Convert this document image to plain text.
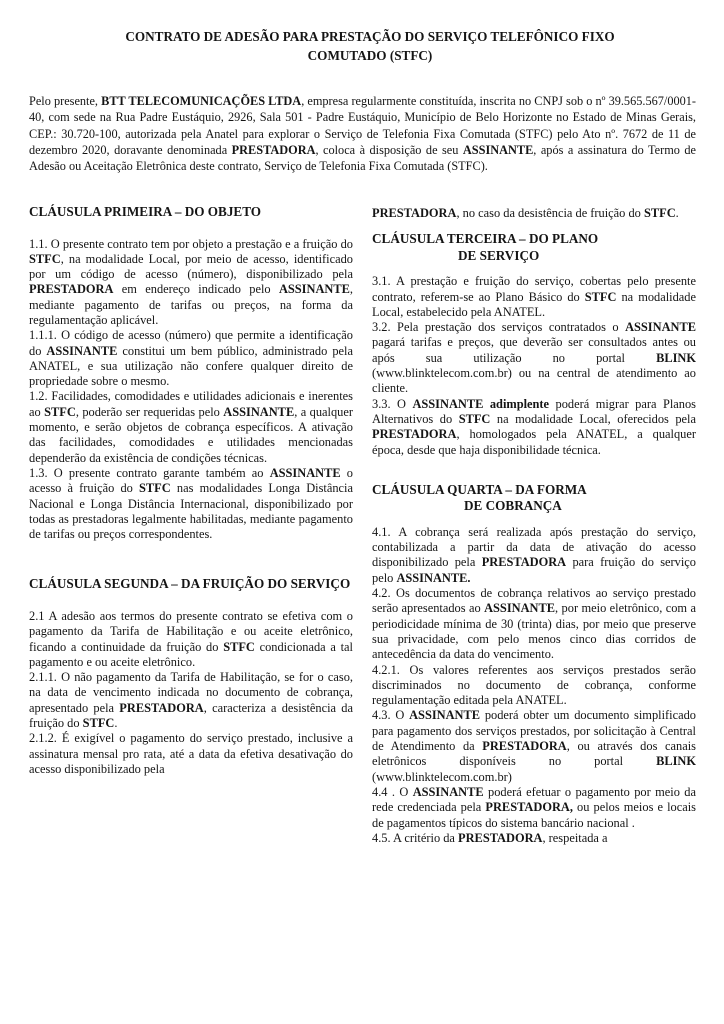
CONTRATO DE ADESÃO PARA PRESTAÇÃO DO SERVIÇO TELEFÔNICO FIXO
COMUTADO (STFC)

Pelo presente, BTT TELECOMUNICAÇÕES LTDA, empresa regularmente constituída, inscrita no CNPJ sob o nº 39.565.567/0001-40, com sede na Rua Padre Eustáquio, 2926, Sala 501 - Padre Eustáquio, Município de Belo Horizonte no Estado de Minas Gerais, CEP.: 30.720-100, autorizada pela Anatel para explorar o Serviço de Telefonia Fixa Comutada (STFC) pelo Ato nº. 7672 de 11 de dezembro 2020, doravante denominada PRESTADORA, coloca à disposição de seu ASSINANTE, após a assinatura do Termo de Adesão ou Aceitação Eletrônica deste contrato, Serviço de Telefonia Fixa Comutada (STFC).

CLÁUSULA PRIMEIRA – DO OBJETO

1.1. O presente contrato tem por objeto a prestação e a fruição do STFC, na modalidade Local, por meio de acesso, identificado por um código de acesso (número), disponibilizado pela PRESTADORA em endereço indicado pelo ASSINANTE, mediante pagamento de tarifas ou preços, na forma da regulamentação aplicável.

1.1.1. O código de acesso (número) que permite a identificação do ASSINANTE constitui um bem público, administrado pela ANATEL, e sua utilização não confere qualquer direito de propriedade sobre o mesmo.

1.2. Facilidades, comodidades e utilidades adicionais e inerentes ao STFC, poderão ser requeridas pelo ASSINANTE, a qualquer momento, e serão objetos de cobrança específicos. A ativação das facilidades, comodidades e utilidades mencionadas dependerão da existência de condições técnicas.

1.3. O presente contrato garante também ao ASSINANTE o acesso à fruição do STFC nas modalidades Longa Distância Nacional e Longa Distância Internacional, disponibilizado por todas as prestadoras legalmente habilitadas, mediante pagamento de tarifas ou preços correspondentes.

CLÁUSULA SEGUNDA – DA FRUIÇÃO DO SERVIÇO

2.1 A adesão aos termos do presente contrato se efetiva com o pagamento da Tarifa de Habilitação e ou aceite eletrônico, ficando a continuidade da fruição do STFC condicionada a tal pagamento e ou aceite eletrônico.

2.1.1. O não pagamento da Tarifa de Habilitação, se for o caso, na data de vencimento indicada no documento de cobrança, apresentado pela PRESTADORA, caracteriza a desistência da fruição do STFC.

2.1.2. É exigível o pagamento do serviço prestado, inclusive a assinatura mensal pro rata, até a data da efetiva desativação do acesso disponibilizado pela

PRESTADORA, no caso da desistência de fruição do STFC.

CLÁUSULA TERCEIRA – DO PLANO
DE SERVIÇO

3.1. A prestação e fruição do serviço, cobertas pelo presente contrato, referem-se ao Plano Básico do STFC na modalidade Local, estabelecido pela ANATEL.

3.2. Pela prestação dos serviços contratados o ASSINANTE pagará tarifas e preços, que deverão ser consultados antes ou após sua utilização no portal BLINK (www.blinktelecom.com.br) ou na central de atendimento ao cliente.

3.3. O ASSINANTE adimplente poderá migrar para Planos Alternativos do STFC na modalidade Local, oferecidos pela PRESTADORA, homologados pela ANATEL, a qualquer época, desde que haja disponibilidade técnica.

CLÁUSULA QUARTA – DA FORMA
DE COBRANÇA

4.1. A cobrança será realizada após prestação do serviço, contabilizada a partir da data de ativação do acesso disponibilizado pela PRESTADORA para fruição do serviço pelo ASSINANTE.

4.2. Os documentos de cobrança relativos ao serviço prestado serão apresentados ao ASSINANTE, por meio eletrônico, com a periodicidade mínima de 30 (trinta) dias, por meio que preserve sua privacidade, com pelo menos cinco dias corridos de antecedência da data do vencimento.

4.2.1. Os valores referentes aos serviços prestados serão discriminados no documento de cobrança, conforme regulamentação editada pela ANATEL.

4.3. O ASSINANTE poderá obter um documento simplificado para pagamento dos serviços prestados, por solicitação à Central de Atendimento da PRESTADORA, ou através dos canais eletrônicos disponíveis no portal BLINK (www.blinktelecom.com.br)

4.4 . O ASSINANTE poderá efetuar o pagamento por meio da rede credenciada pela PRESTADORA, ou pelos meios e locais de pagamentos típicos do sistema bancário nacional .

4.5. A critério da PRESTADORA, respeitada a
